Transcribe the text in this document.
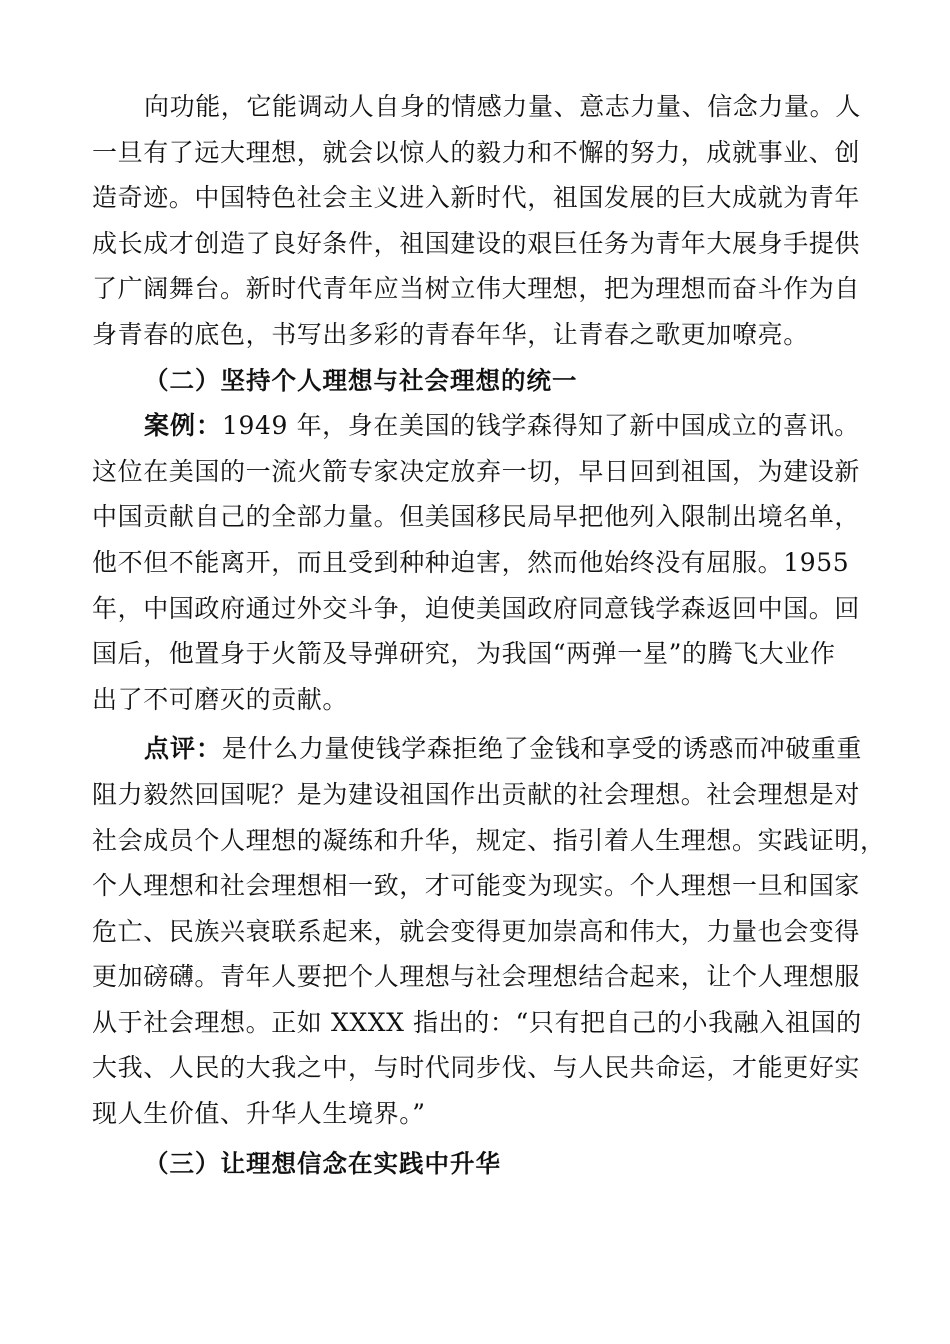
向功能，它能调动人自身的情感力量、意志力量、信念力量。人
一旦有了远大理想，就会以惊人的毅力和不懈的努力，成就事业、创
造奇迹。中国特色社会主义进入新时代，祖国发展的巨大成就为青年
成长成才创造了良好条件，祖国建设的艰巨任务为青年大展身手提供
了广阔舞台。新时代青年应当树立伟大理想，把为理想而奋斗作为自
身青春的底色，书写出多彩的青春年华，让青春之歌更加嘹亮。
（二）坚持个人理想与社会理想的统一
案例：1949 年，身在美国的钱学森得知了新中国成立的喜讯。
这位在美国的一流火箭专家决定放弃一切，早日回到祖国，为建设新
中国贡献自己的全部力量。但美国移民局早把他列入限制出境名单，
他不但不能离开，而且受到种种迫害，然而他始终没有屈服。1955
年，中国政府通过外交斗争，迫使美国政府同意钱学森返回中国。回
国后，他置身于火箭及导弹研究，为我国“两弹一星”的腾飞大业作
出了不可磨灭的贡献。
点评：是什么力量使钱学森拒绝了金钱和享受的诱惑而冲破重重
阻力毅然回国呢？是为建设祖国作出贡献的社会理想。社会理想是对
社会成员个人理想的凝练和升华，规定、指引着人生理想。实践证明，
个人理想和社会理想相一致，才可能变为现实。个人理想一旦和国家
危亡、民族兴衰联系起来，就会变得更加崇高和伟大，力量也会变得
更加磅礴。青年人要把个人理想与社会理想结合起来，让个人理想服
从于社会理想。正如 XXXX 指出的：“只有把自己的小我融入祖国的
大我、人民的大我之中，与时代同步伐、与人民共命运，才能更好实
现人生价值、升华人生境界。”
（三）让理想信念在实践中升华
